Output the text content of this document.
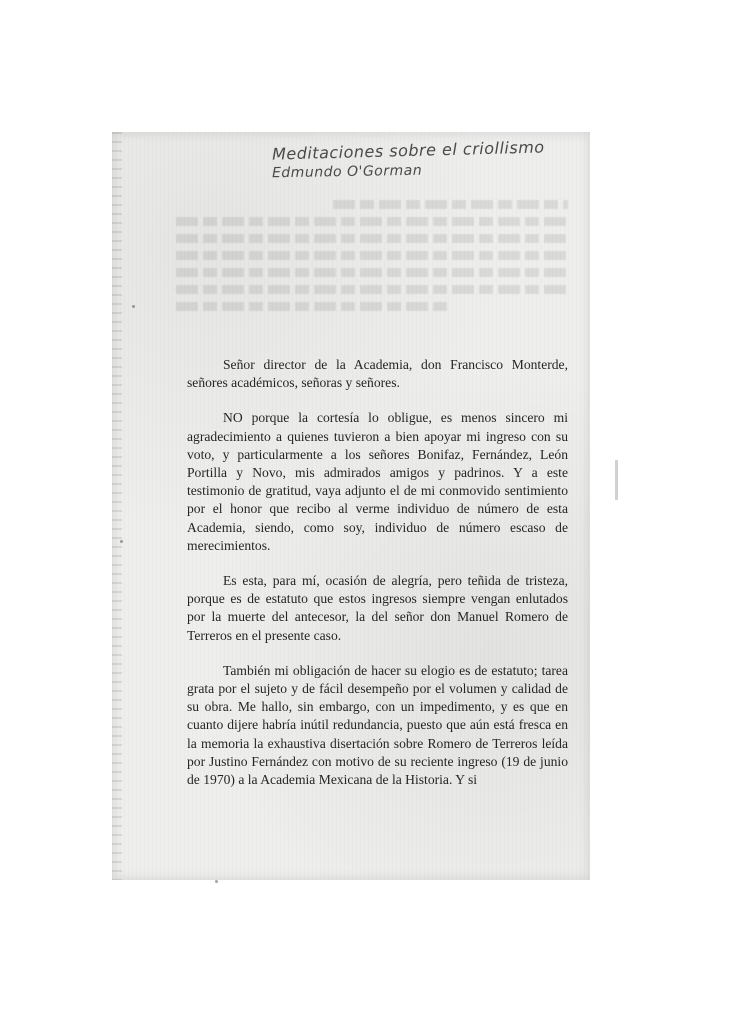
Meditaciones sobre el criollismo
Edmundo O'Gorman

Señor director de la Academia, don Francisco Monterde, señores académicos, señoras y señores.

NO porque la cortesía lo obligue, es menos sincero mi agradecimiento a quienes tuvieron a bien apoyar mi ingreso con su voto, y particularmente a los señores Bonifaz, Fernández, León Portilla y Novo, mis admirados amigos y padrinos. Y a este testimonio de gratitud, vaya adjunto el de mi conmovido sentimiento por el honor que recibo al verme individuo de número de esta Academia, siendo, como soy, individuo de número escaso de merecimientos.

Es esta, para mí, ocasión de alegría, pero teñida de tristeza, porque es de estatuto que estos ingresos siempre vengan enlutados por la muerte del antecesor, la del señor don Manuel Romero de Terreros en el presente caso.

También mi obligación de hacer su elogio es de estatuto; tarea grata por el sujeto y de fácil desempeño por el volumen y calidad de su obra. Me hallo, sin embargo, con un impedimento, y es que en cuanto dijere habría inútil redundancia, puesto que aún está fresca en la memoria la exhaustiva disertación sobre Romero de Terreros leída por Justino Fernández con motivo de su reciente ingreso (19 de junio de 1970) a la Academia Mexicana de la Historia. Y si
